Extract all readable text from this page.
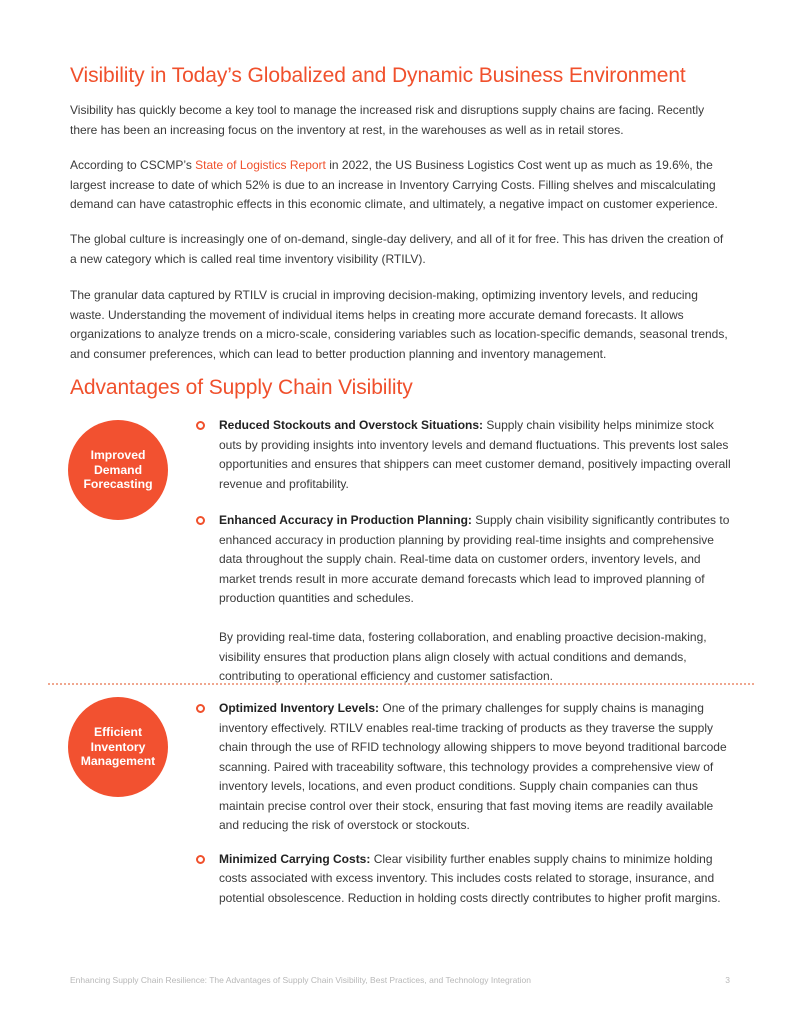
Visibility in Today’s Globalized and Dynamic Business Environment

Visibility has quickly become a key tool to manage the increased risk and disruptions supply chains are facing. Recently there has been an increasing focus on the inventory at rest, in the warehouses as well as in retail stores.

According to CSCMP’s State of Logistics Report in 2022, the US Business Logistics Cost went up as much as 19.6%, the largest increase to date of which 52% is due to an increase in Inventory Carrying Costs. Filling shelves and miscalculating demand can have catastrophic effects in this economic climate, and ultimately, a negative impact on customer experience.

The global culture is increasingly one of on-demand, single-day delivery, and all of it for free. This has driven the creation of a new category which is called real time inventory visibility (RTILV).

The granular data captured by RTILV is crucial in improving decision-making, optimizing inventory levels, and reducing waste. Understanding the movement of individual items helps in creating more accurate demand forecasts. It allows organizations to analyze trends on a micro-scale, considering variables such as location-specific demands, seasonal trends, and consumer preferences, which can lead to better production planning and inventory management.

Advantages of Supply Chain Visibility
Improved
Demand
Forecasting

Reduced Stockouts and Overstock Situations: Supply chain visibility helps minimize stock outs by providing insights into inventory levels and demand fluctuations. This prevents lost sales opportunities and ensures that shippers can meet customer demand, positively impacting overall revenue and profitability.

Enhanced Accuracy in Production Planning: Supply chain visibility significantly contributes to enhanced accuracy in production planning by providing real-time insights and comprehensive data throughout the supply chain. Real-time data on customer orders, inventory levels, and market trends result in more accurate demand forecasts which lead to improved planning of production quantities and schedules.

By providing real-time data, fostering collaboration, and enabling proactive decision-making, visibility ensures that production plans align closely with actual conditions and demands, contributing to operational efficiency and customer satisfaction.

Efficient
Inventory
Management

Optimized Inventory Levels: One of the primary challenges for supply chains is managing inventory effectively. RTILV enables real-time tracking of products as they traverse the supply chain through the use of RFID technology allowing shippers to move beyond traditional barcode scanning. Paired with traceability software, this technology provides a comprehensive view of inventory levels, locations, and even product conditions. Supply chain companies can thus maintain precise control over their stock, ensuring that fast moving items are readily available and reducing the risk of overstock or stockouts.

Minimized Carrying Costs: Clear visibility further enables supply chains to minimize holding costs associated with excess inventory. This includes costs related to storage, insurance, and potential obsolescence. Reduction in holding costs directly contributes to higher profit margins.

Enhancing Supply Chain Resilience: The Advantages of Supply Chain Visibility, Best Practices, and Technology Integration	3
